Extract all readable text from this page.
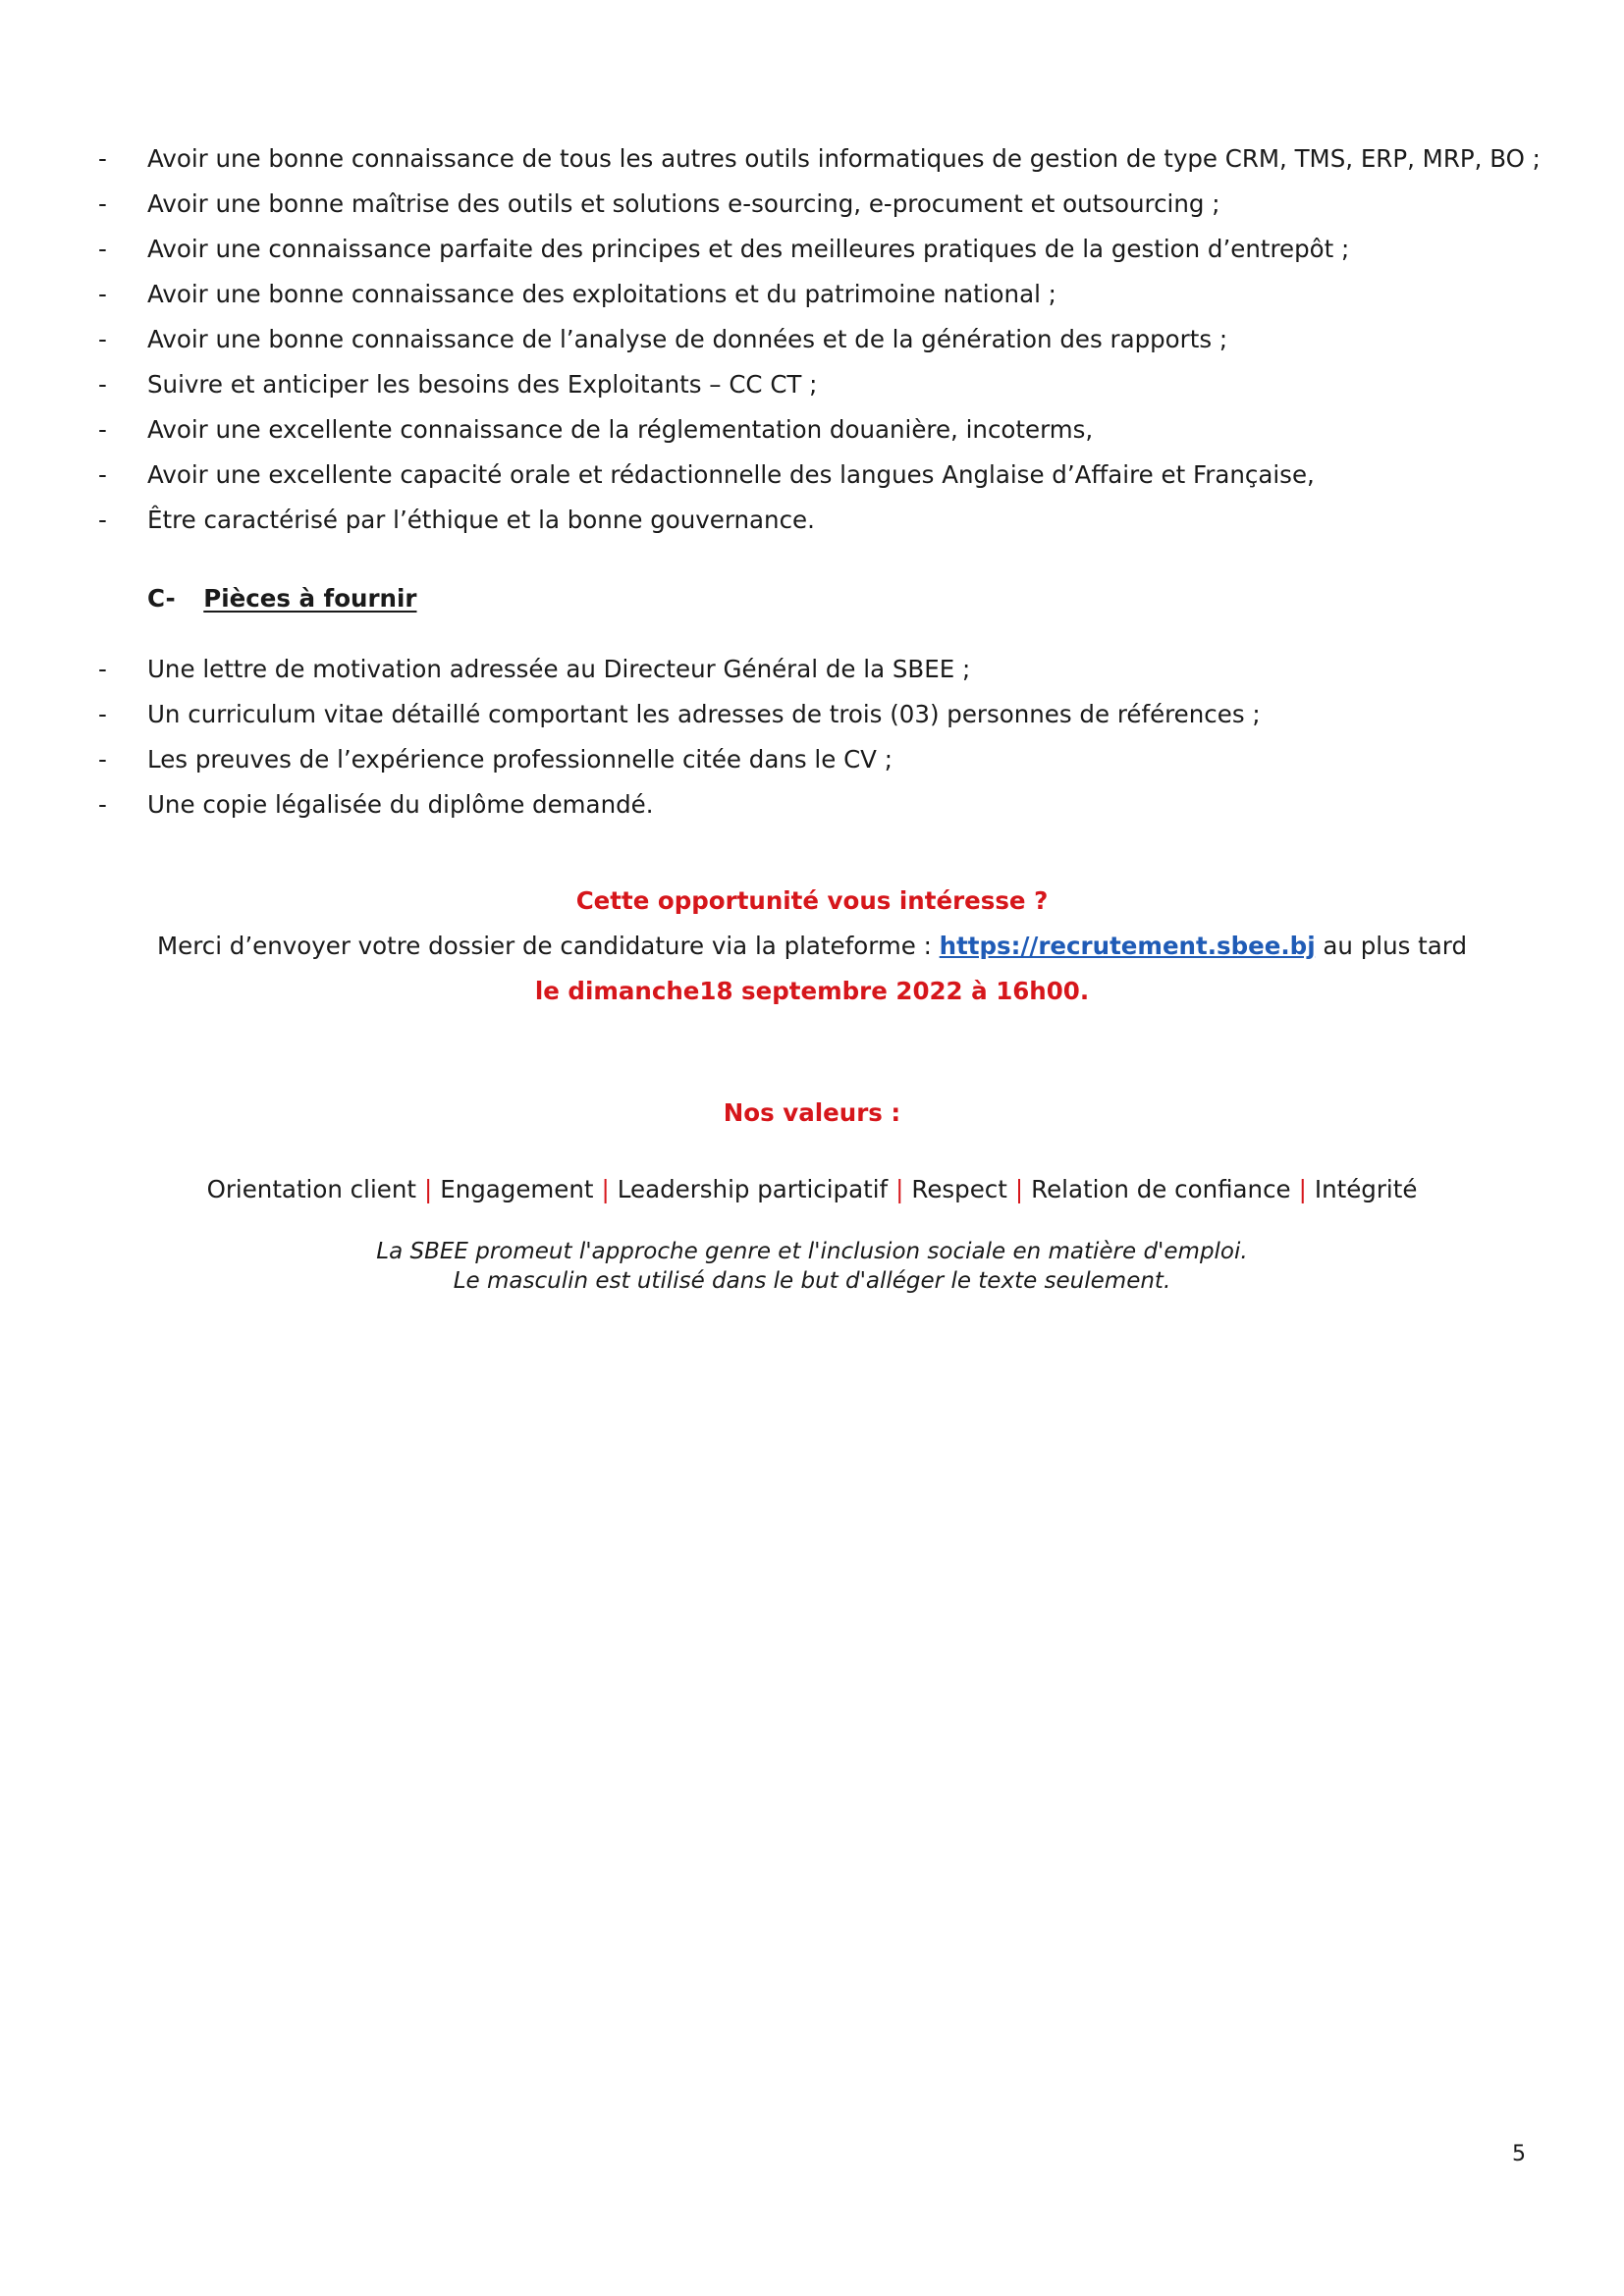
- Avoir une bonne connaissance de tous les autres outils informatiques de gestion de type CRM, TMS, ERP, MRP, BO ;
- Avoir une bonne maîtrise des outils et solutions e-sourcing, e-procument et outsourcing ;
- Avoir une connaissance parfaite des principes et des meilleures pratiques de la gestion d’entrepôt ;
- Avoir une bonne connaissance des exploitations et du patrimoine national ;
- Avoir une bonne connaissance de l’analyse de données et de la génération des rapports ;
- Suivre et anticiper les besoins des Exploitants – CC CT ;
- Avoir une excellente connaissance de la réglementation douanière, incoterms,
- Avoir une excellente capacité orale et rédactionnelle des langues Anglaise d’Affaire et Française,
- Être caractérisé par l’éthique et la bonne gouvernance.
C- Pièces à fournir
- Une lettre de motivation adressée au Directeur Général de la SBEE ;
- Un curriculum vitae détaillé comportant les adresses de trois (03) personnes de références ;
- Les preuves de l’expérience professionnelle citée dans le CV ;
- Une copie légalisée du diplôme demandé.
Cette opportunité vous intéresse ?
Merci d’envoyer votre dossier de candidature via la plateforme : https://recrutement.sbee.bj au plus tard
le dimanche18 septembre 2022 à 16h00.
Nos valeurs :
Orientation client | Engagement | Leadership participatif | Respect | Relation de confiance | Intégrité
La SBEE promeut l'approche genre et l'inclusion sociale en matière d'emploi.
Le masculin est utilisé dans le but d'alléger le texte seulement.
5
